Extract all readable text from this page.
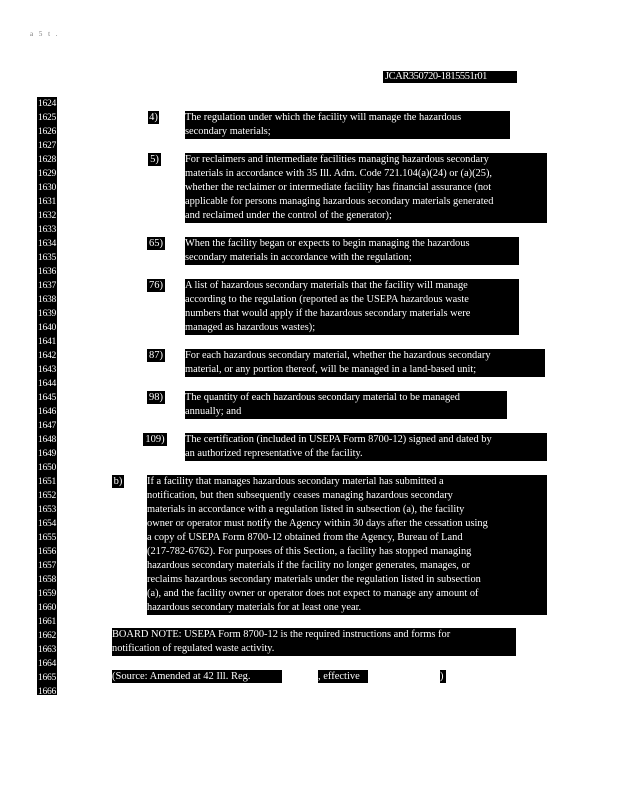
a 5 t .
JCAR350720-1815551r01
1624
1625
1626
1627
1628
1629
1630
1631
1632
1633
1634
1635
1636
1637
1638
1639
1640
1641
1642
1643
1644
1645
1646
1647
1648
1649
1650
1651
1652
1653
1654
1655
1656
1657
1658
1659
1660
1661
1662
1663
1664
1665
1666
4)	The regulation under which the facility will manage the hazardous
secondary materials;
5)	For reclaimers and intermediate facilities managing hazardous secondary
materials in accordance with 35 Ill. Adm. Code 721.104(a)(24) or (a)(25),
whether the reclaimer or intermediate facility has financial assurance (not
applicable for persons managing hazardous secondary materials generated
and reclaimed under the control of the generator);
65) When the facility began or expects to begin managing the hazardous
secondary materials in accordance with the regulation;
76) A list of hazardous secondary materials that the facility will manage
according to the regulation (reported as the USEPA hazardous waste
numbers that would apply if the hazardous secondary materials were
managed as hazardous wastes);
87) For each hazardous secondary material, whether the hazardous secondary
material, or any portion thereof, will be managed in a land-based unit;
98) The quantity of each hazardous secondary material to be managed
annually; and
109) The certification (included in USEPA Form 8700-12) signed and dated by
an authorized representative of the facility.
b) If a facility that manages hazardous secondary material has submitted a
notification, but then subsequently ceases managing hazardous secondary
materials in accordance with a regulation listed in subsection (a), the facility
owner or operator must notify the Agency within 30 days after the cessation using
a copy of USEPA Form 8700-12 obtained from the Agency, Bureau of Land
(217-782-6762). For purposes of this Section, a facility has stopped managing
hazardous secondary materials if the facility no longer generates, manages, or
reclaims hazardous secondary materials under the regulation listed in subsection
(a), and the facility owner or operator does not expect to manage any amount of
hazardous secondary materials for at least one year.
BOARD NOTE: USEPA Form 8700-12 is the required instructions and forms for
notification of regulated waste activity.
(Source: Amended at 42 Ill. Reg.	, effective	)
